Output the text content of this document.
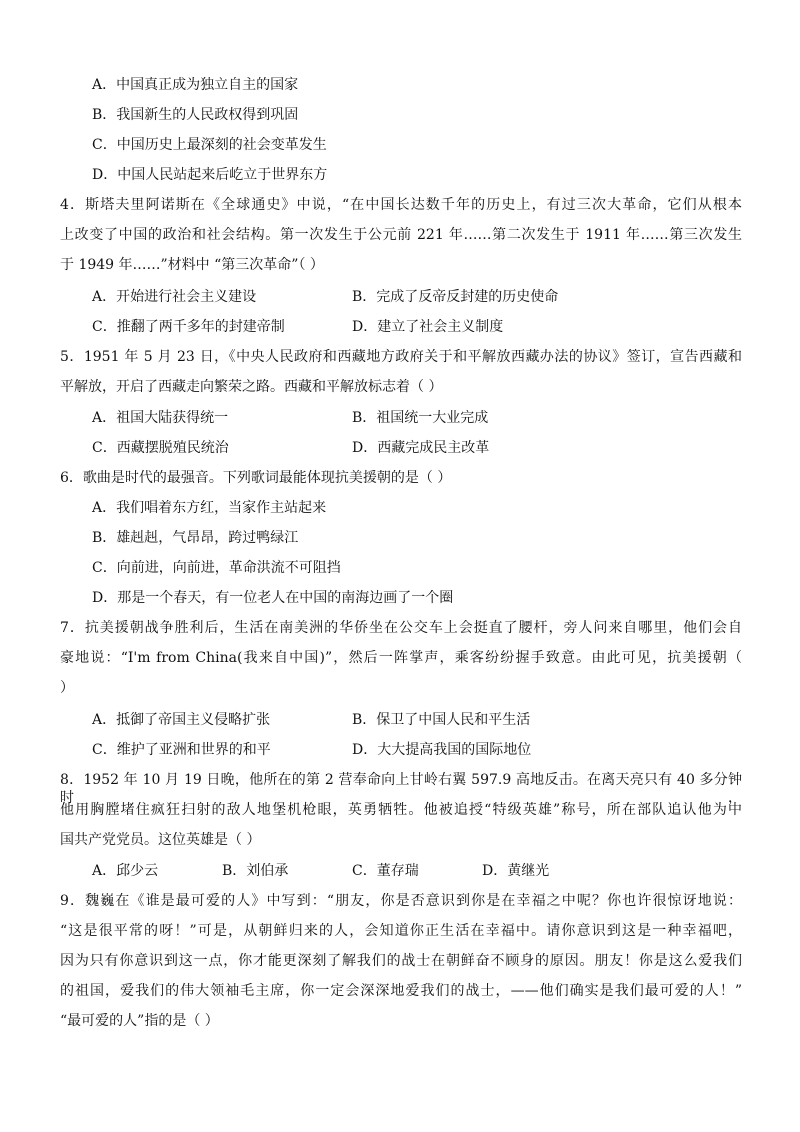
A．中国真正成为独立自主的国家
B．我国新生的人民政权得到巩固
C．中国历史上最深刻的社会变革发生
D．中国人民站起来后屹立于世界东方
4．斯塔夫里阿诺斯在《全球通史》中说，“在中国长达数千年的历史上，有过三次大革命，它们从根本
上改变了中国的政治和社会结构。第一次发生于公元前 221 年……第二次发生于 1911 年……第三次发生
于 1949 年……”材料中 “第三次革命”（ ）
A．开始进行社会主义建设	B．完成了反帝反封建的历史使命
C．推翻了两千多年的封建帝制	D．建立了社会主义制度
5．1951 年 5 月 23 日，《中央人民政府和西藏地方政府关于和平解放西藏办法的协议》签订，宣告西藏和
平解放，开启了西藏走向繁荣之路。西藏和平解放标志着（ ）
A．祖国大陆获得统一	B．祖国统一大业完成
C．西藏摆脱殖民统治	D．西藏完成民主改革
6．歌曲是时代的最强音。下列歌词最能体现抗美援朝的是（ ）
A．我们唱着东方红，当家作主站起来
B．雄赳赳，气昂昂，跨过鸭绿江
C．向前进，向前进，革命洪流不可阻挡
D．那是一个春天，有一位老人在中国的南海边画了一个圈
7．抗美援朝战争胜利后，生活在南美洲的华侨坐在公交车上会挺直了腰杆，旁人问来自哪里，他们会自
豪地说：“I'm from China(我来自中国)”，然后一阵掌声，乘客纷纷握手致意。由此可见，抗美援朝（
）
A．抵御了帝国主义侵略扩张	B．保卫了中国人民和平生活
C．维护了亚洲和世界的和平	D．大大提高我国的国际地位
8．1952 年 10 月 19 日晚，他所在的第 2 营奉命向上甘岭右翼 597.9 高地反击。在离天亮只有 40 多分钟时，
他用胸膛堵住疯狂扫射的敌人地堡机枪眼，英勇牺牲。他被追授“特级英雄”称号，所在部队追认他为中
国共产党党员。这位英雄是（ ）
A．邱少云	B．刘伯承	C．董存瑞	D．黄继光
9．魏巍在《谁是最可爱的人》中写到：“朋友，你是否意识到你是在幸福之中呢？你也许很惊讶地说：
“这是很平常的呀！”可是，从朝鲜归来的人，会知道你正生活在幸福中。请你意识到这是一种幸福吧，
因为只有你意识到这一点，你才能更深刻了解我们的战士在朝鲜奋不顾身的原因。朋友！你是这么爱我们
的祖国，爱我们的伟大领袖毛主席，你一定会深深地爱我们的战士，——他们确实是我们最可爱的人！”
“最可爱的人”指的是（ ）
